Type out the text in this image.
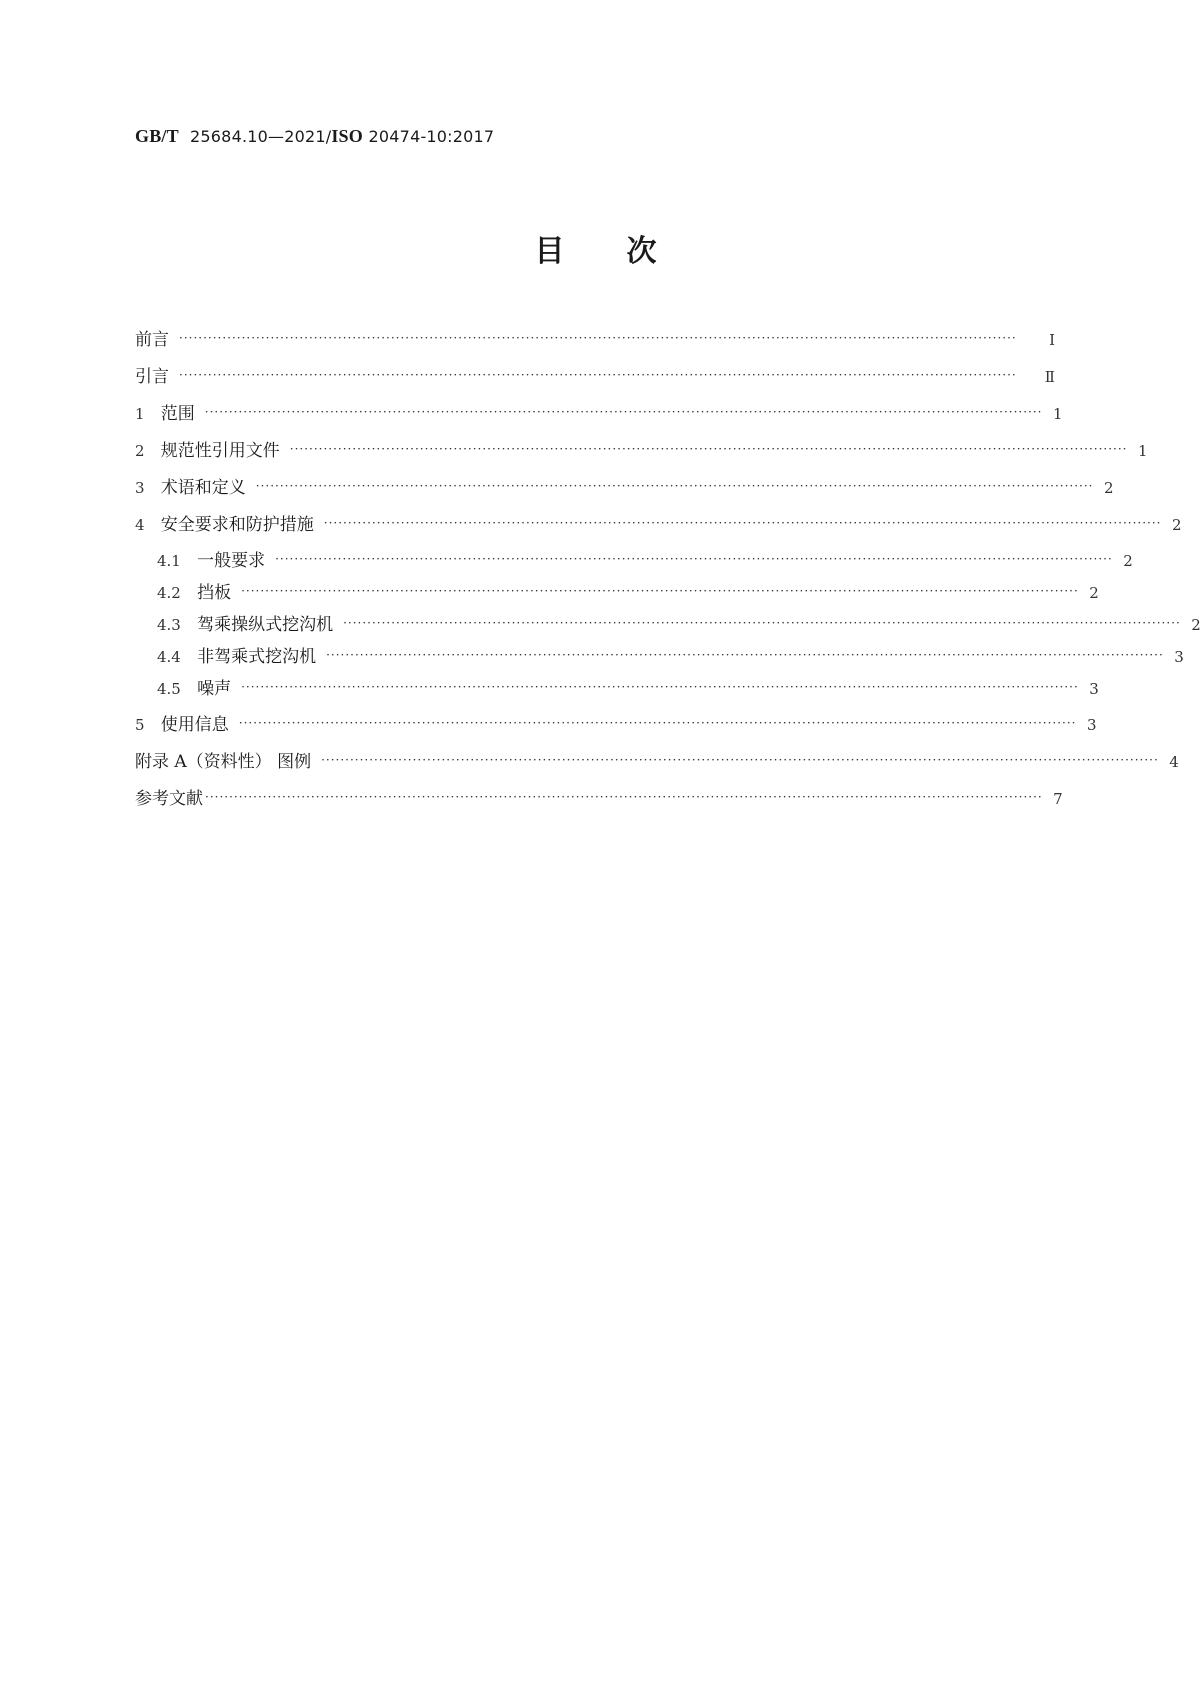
GB/T 25684.10—2021/ISO 20474-10:2017
目 次
前言 ··············································································································································································	Ⅰ
引言 ··············································································································································································	Ⅱ
1 范围 ·············································································································································································· 1
2 规范性引用文件 ·············································································································································································· 1
3 术语和定义 ·············································································································································································· 2
4 安全要求和防护措施 ·············································································································································································· 2
4.1 一般要求 ·············································································································································································· 2
4.2 挡板 ·············································································································································································· 2
4.3 驾乘操纵式挖沟机 ·············································································································································································· 2
4.4 非驾乘式挖沟机 ·············································································································································································· 3
4.5 噪声 ·············································································································································································· 3
5 使用信息 ·············································································································································································· 3
附录 A（资料性） 图例 ·············································································································································································· 4
参考文献 ·············································································································································································· 7
